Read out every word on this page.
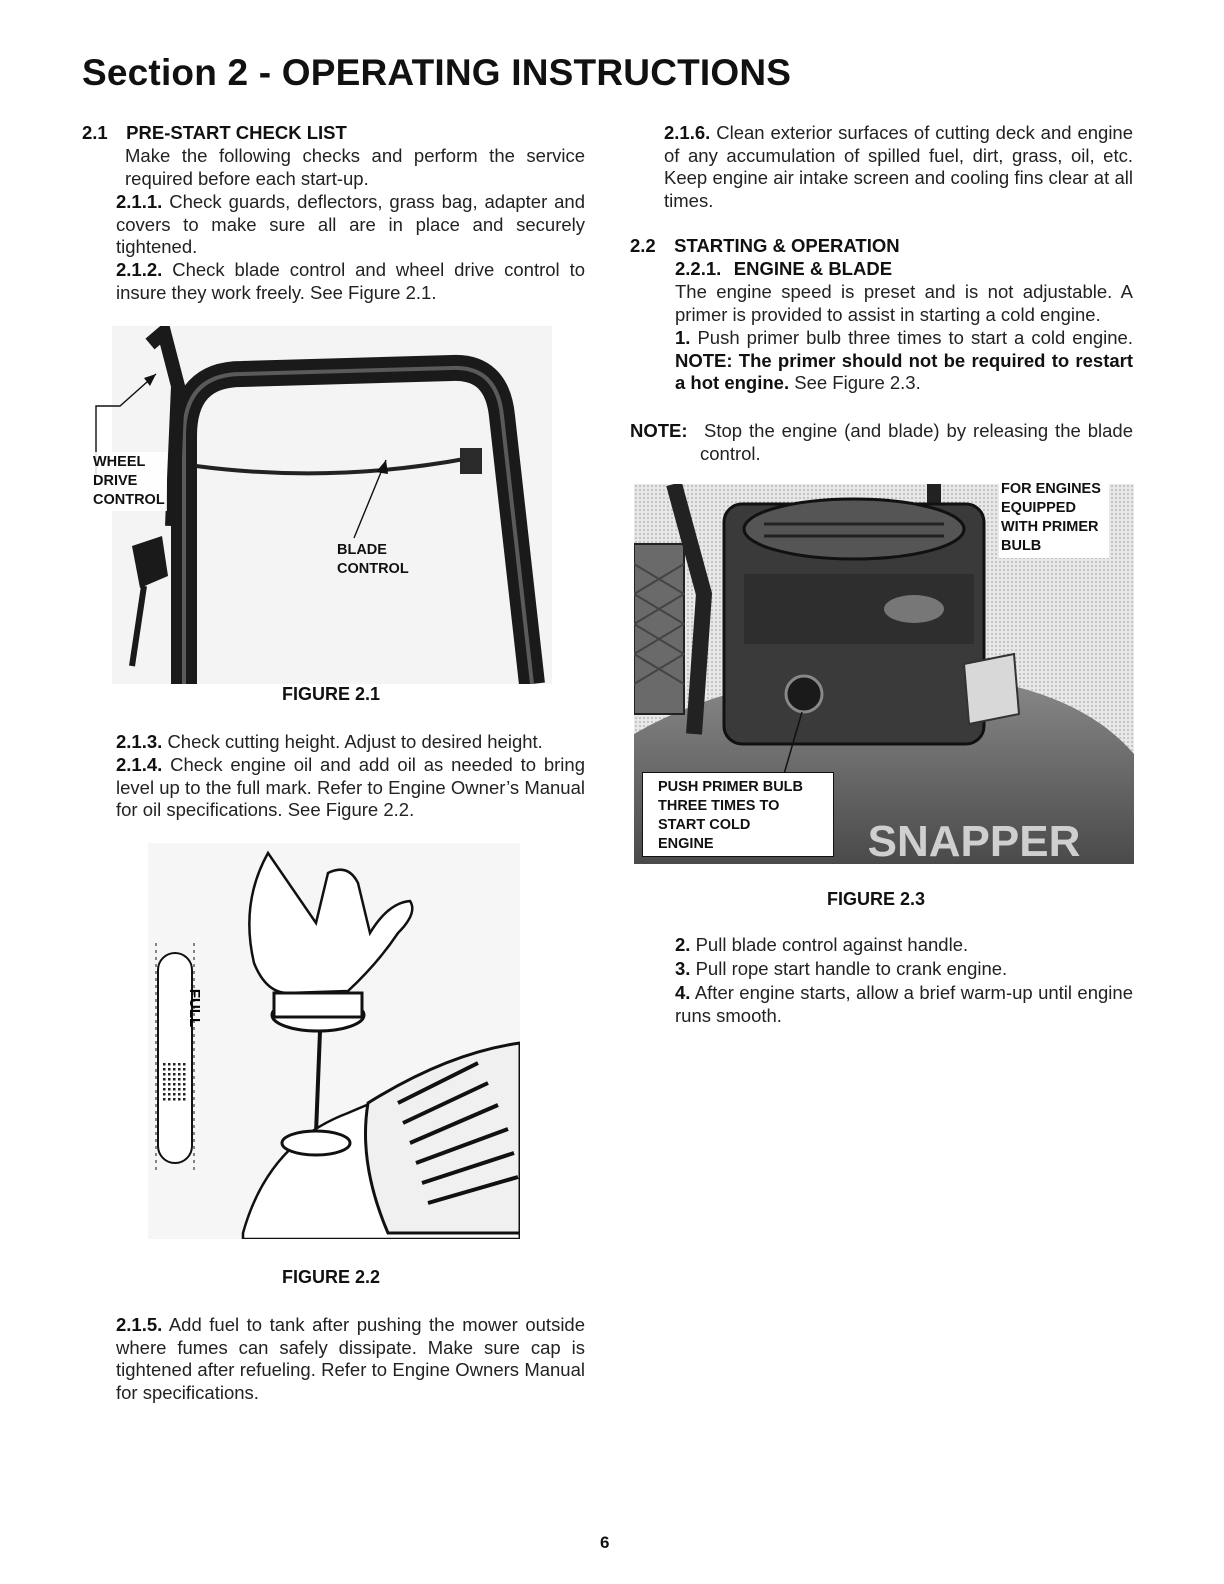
Section 2 - OPERATING INSTRUCTIONS
2.1 PRE-START CHECK LIST

Make the following checks and perform the service required before each start-up.

2.1.1. Check guards, deflectors, grass bag, adapter and covers to make sure all are in place and securely tightened.

2.1.2. Check blade control and wheel drive control to insure they work freely. See Figure 2.1.

WHEEL
DRIVE
CONTROL
BLADE
CONTROL
FIGURE 2.1

2.1.3. Check cutting height. Adjust to desired height.

2.1.4. Check engine oil and add oil as needed to bring level up to the full mark. Refer to Engine Owner’s Manual for oil specifications. See Figure 2.2.

FULL
FIGURE 2.2

2.1.5. Add fuel to tank after pushing the mower outside where fumes can safely dissipate. Make sure cap is tightened after refueling. Refer to Engine Owners Manual for specifications.

2.1.6. Clean exterior surfaces of cutting deck and engine of any accumulation of spilled fuel, dirt, grass, oil, etc. Keep engine air intake screen and cooling fins clear at all times.

2.2 STARTING & OPERATION
2.2.1. ENGINE & BLADE

The engine speed is preset and is not adjustable. A primer is provided to assist in starting a cold engine.

1. Push primer bulb three times to start a cold engine. NOTE: The primer should not be required to restart a hot engine. See Figure 2.3.

NOTE: Stop the engine (and blade) by releasing the blade control.

SNAPPER
FOR ENGINES
EQUIPPED
WITH PRIMER
BULB
PUSH PRIMER BULB
THREE TIMES TO
START COLD
ENGINE
FIGURE 2.3

2. Pull blade control against handle.

3. Pull rope start handle to crank engine.

4. After engine starts, allow a brief warm-up until engine runs smooth.

6
